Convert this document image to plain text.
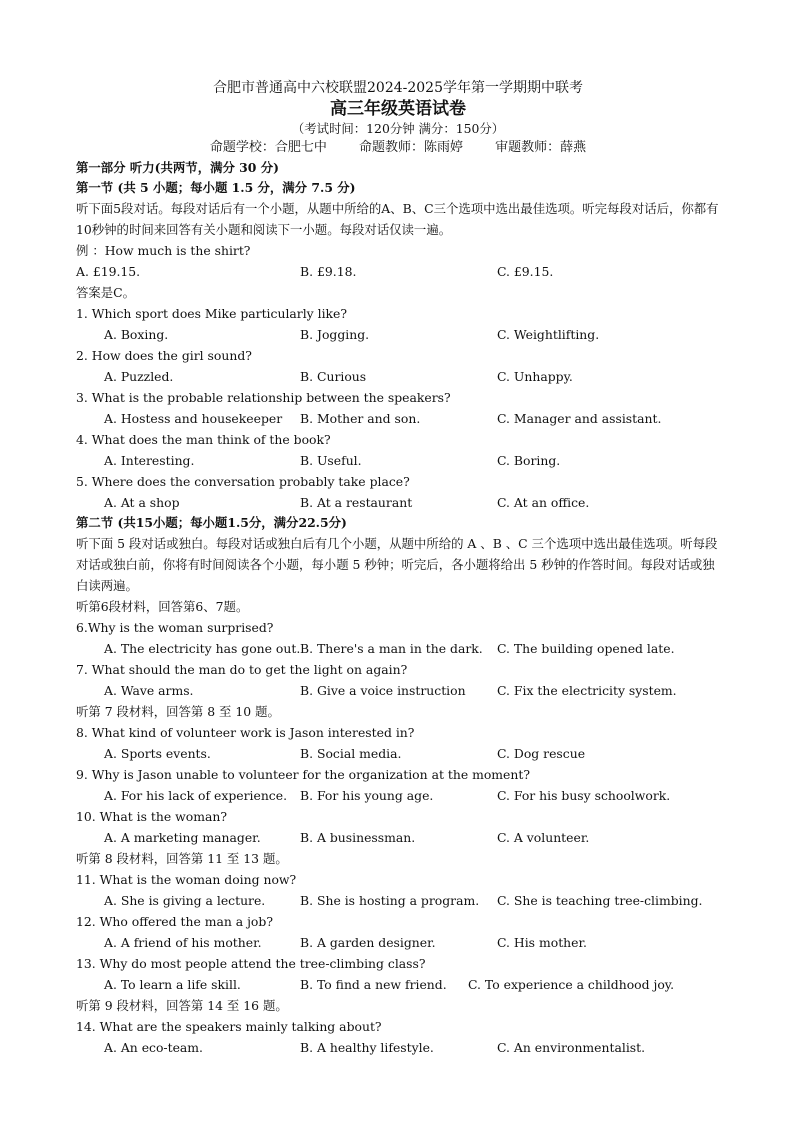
合肥市普通高中六校联盟2024-2025学年第一学期期中联考
高三年级英语试卷
（考试时间：120分钟 满分：150分）
命题学校：合肥七中 命题教师：陈雨婷 审题教师：薛燕
第一部分 听力(共两节，满分 30 分)
第一节 (共 5 小题；每小题 1.5 分，满分 7.5 分)
听下面5段对话。每段对话后有一个小题，从题中所给的A、B、C三个选项中选出最佳选项。听完每段对话后，你都有10秒钟的时间来回答有关小题和阅读下一小题。每段对话仅读一遍。
例 ：How much is the shirt?
A. £19.15.	B. £9.18.	C. £9.15.
答案是C。
1. Which sport does Mike particularly like?
A. Boxing.	B. Jogging.	C. Weightlifting.
2. How does the girl sound?
A. Puzzled.	B. Curious	C. Unhappy.
3. What is the probable relationship between the speakers?
A. Hostess and housekeeper	B. Mother and son.	C. Manager and assistant.
4. What does the man think of the book?
A. Interesting.	B. Useful.	C. Boring.
5. Where does the conversation probably take place?
A. At a shop	B. At a restaurant	C. At an office.
第二节 (共15小题；每小题1.5分，满分22.5分)
听下面 5 段对话或独白。每段对话或独白后有几个小题，从题中所给的 A 、B 、C 三个选项中选出最佳选项。听每段对话或独白前，你将有时间阅读各个小题，每小题 5 秒钟；听完后，各小题将给出 5 秒钟的作答时间。每段对话或独白读两遍。
听第6段材料，回答第6、7题。
6.Why is the woman surprised?
A. The electricity has gone out. B. There's a man in the dark.	C. The building opened late.
7. What should the man do to get the light on again?
A. Wave arms.	B. Give a voice instruction	C. Fix the electricity system.
听第 7 段材料，回答第 8 至 10 题。
8. What kind of volunteer work is Jason interested in?
A. Sports events.	B. Social media.	C. Dog rescue
9. Why is Jason unable to volunteer for the organization at the moment?
A. For his lack of experience.	B. For his young age.	C. For his busy schoolwork.
10. What is the woman?
A. A marketing manager.	B. A businessman.	C. A volunteer.
听第 8 段材料，回答第 11 至 13 题。
11. What is the woman doing now?
A. She is giving a lecture.	B. She is hosting a program.	C. She is teaching tree-climbing.
12. Who offered the man a job?
A. A friend of his mother.	B. A garden designer.	C. His mother.
13. Why do most people attend the tree-climbing class?
A. To learn a life skill.	B. To find a new friend.	C. To experience a childhood joy.
听第 9 段材料，回答第 14 至 16 题。
14. What are the speakers mainly talking about?
A. An eco-team.	B. A healthy lifestyle.	C. An environmentalist.
